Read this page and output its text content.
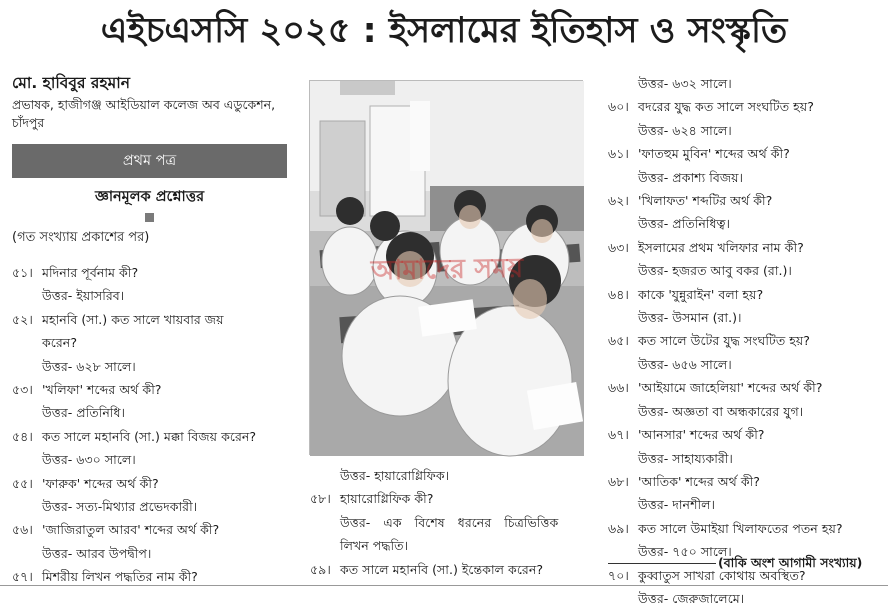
এইচএসসি ২০২৫ : ইসলামের ইতিহাস ও সংস্কৃতি
মো. হাবিবুর রহমান
প্রভাষক, হাজীগঞ্জ আইডিয়াল কলেজ অব এডুকেশন, চাঁদপুর
প্রথম পত্র
জ্ঞানমূলক প্রশ্নোত্তর
(গত সংখ্যায় প্রকাশের পর)
৫১। মদিনার পূর্বনাম কী?
উত্তর- ইয়াসরিব।
৫২। মহানবি (সা.) কত সালে খায়বার জয়
করেন?
উত্তর- ৬২৮ সালে।
৫৩। 'খলিফা' শব্দের অর্থ কী?
উত্তর- প্রতিনিধি।
৫৪। কত সালে মহানবি (সা.) মক্কা বিজয় করেন?
উত্তর- ৬৩০ সালে।
৫৫। 'ফারুক' শব্দের অর্থ কী?
উত্তর- সত্য-মিথ্যার প্রভেদকারী।
৫৬। 'জাজিরাতুল আরব' শব্দের অর্থ কী?
উত্তর- আরব উপদ্বীপ।
৫৭। মিশরীয় লিখন পদ্ধতির নাম কী?
আমাদের সময়
উত্তর- হায়ারোগ্লিফিক।
৫৮। হায়ারোগ্লিফিক কী?
উত্তর- এক বিশেষ ধরনের চিত্রভিত্তিক
লিখন পদ্ধতি।
৫৯। কত সালে মহানবি (সা.) ইন্তেকাল করেন?
উত্তর- ৬৩২ সালে।
৬০। বদরের যুদ্ধ কত সালে সংঘটিত হয়?
উত্তর- ৬২৪ সালে।
৬১। 'ফাতহুম মুবিন' শব্দের অর্থ কী?
উত্তর- প্রকাশ্য বিজয়।
৬২। 'খিলাফত' শব্দটির অর্থ কী?
উত্তর- প্রতিনিধিত্ব।
৬৩। ইসলামের প্রথম খলিফার নাম কী?
উত্তর- হজরত আবু বকর (রা.)।
৬৪। কাকে 'যুন্নুরাইন' বলা হয়?
উত্তর- উসমান (রা.)।
৬৫। কত সালে উটের যুদ্ধ সংঘটিত হয়?
উত্তর- ৬৫৬ সালে।
৬৬। 'আইয়ামে জাহেলিয়া' শব্দের অর্থ কী?
উত্তর- অজ্ঞতা বা অন্ধকারের যুগ।
৬৭। 'আনসার' শব্দের অর্থ কী?
উত্তর- সাহায্যকারী।
৬৮। 'আতিক' শব্দের অর্থ কী?
উত্তর- দানশীল।
৬৯। কত সালে উমাইয়া খিলাফতের পতন হয়?
উত্তর- ৭৫০ সালে।
৭০। কুব্বাতুস সাখরা কোথায় অবস্থিত?
উত্তর- জেরুজালেমে।
(বাকি অংশ আগামী সংখ্যায়)
